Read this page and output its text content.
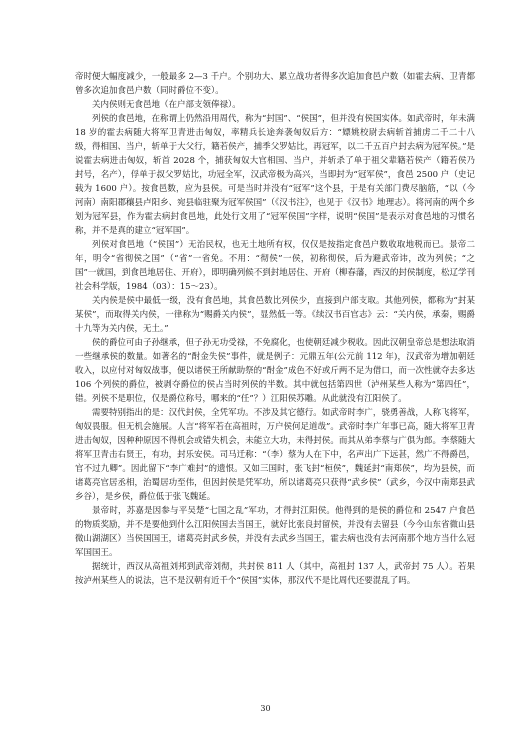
帝时便大幅度减少，一般最多 2—3 千户。个别功大、累立战功者得多次追加食邑户数（如霍去病、卫青都曾多次追加食邑户数（同时爵位不变）。

关内侯则无食邑地（在户部支领俸禄）。

列侯的食邑地，在称谓上仍然沿用周代，称为“封国”、“侯国”，但并没有侯国实体。如武帝时，年未满 18 岁的霍去病随大将军卫青进击匈奴，率精兵长途奔袭匈奴后方：“嫖姚校尉去病斩首捕虏二千二十八级，得相国、当户，斩单于大父行，籍若侯产，捕季父罗姑比，再冠军，以二千五百户封去病为冠军侯。”是说霍去病进击匈奴，斩首 2028 个，捕获匈奴大官相国、当户，并斩杀了单于祖父辈籍若侯产（籍若侯乃封号，名产），俘单于叔父罗姑比，功冠全军，汉武帝极为高兴，当即封为“冠军侯”，食邑 2500 户（史记载为 1600 户）。按食邑数，应为县侯。可是当时并没有“冠军”这个县，于是有关部门费尽脑筋，“以（今河南）南阳郡穰县卢阳乡、宛县临驻聚为冠军侯国”（《汉书注》，也见于《汉书》地理志）。将河南的两个乡划为冠军县，作为霍去病封食邑地，此处行文用了“冠军侯国”字样，说明“侯国”是表示对食邑地的习惯名称，并不是真的建立“冠军国”。

列侯对食邑地（“侯国”）无治民权，也无土地所有权，仅仅是按指定食邑户数收取地税而已。景帝二年，明令“省彻侯之国”（“省”一省免。不用：“彻侯”一侯，初称彻侯，后为避武帝讳，改为列侯；“之国”一就国，到食邑地居住、开府），即明确列候不到封地居住、开府（柳春藩，西汉的封侯制度，松辽学刊社会科学版，1984（03）：15～23）。

关内侯是侯中最低一级，没有食邑地，其食邑数比列侯少，直接到户部支取。其他列侯，都称为“封某某侯”，而取得关内侯，一律称为“赐爵关内侯”，显然低一等。《续汉书百官志》云：“关内侯，承秦，赐爵十九等为关内侯，无土。”

侯的爵位可由子孙继承，但子孙无功受禄，不免腐化，也使朝廷减少税收。因此汉朝皇帝总是想法取消一些继承侯的数量。如著名的“酎金失侯”事件，就是例子：元鼎五年(公元前 112 年)，汉武帝为增加朝廷收入，以应付对匈奴战事，便以诸侯王所献助祭的“酎金”成色不好或斤两不足为借口，而一次性就夺去多达 106 个列侯的爵位，被剥夺爵位的侯占当时列侯的半数。其中就包括第四世（泸州某些人称为“第四任”，错。列侯不是职位，仅是爵位称号，哪来的“任”？）江阳侯苏雕。从此就没有江阳侯了。

需要特别指出的是：汉代封侯，全凭军功。不涉及其它德行。如武帝时李广，骁勇善战，人称飞将军，匈奴畏服。但无机会施展。人言“将军若在高祖时，万户侯何足道哉”。武帝时李广年事已高，随大将军卫青进击匈奴，因种种原因不得机会或错失机会，未能立大功，未得封侯。而其从弟李蔡与广俱为郎。李蔡随大将军卫青击右贤王，有功，封乐安侯。司马迁称：“（李）蔡为人在下中，名声出广下远甚，然广不得爵邑，官不过九卿”。因此留下“李广难封”的遗恨。又如三国时，张飞封“桓侯”，魏延封“南郑侯”，均为县侯，而诸葛亮官居丞相，治蜀居功至伟，但因封侯是凭军功，所以诸葛亮只获得“武乡侯”（武乡，今汉中南郑县武乡谷），是乡侯，爵位低于张飞魏延。

景帝时，苏嘉是因参与平吴楚“七国之乱”军功，才得封江阳侯。他得到的是侯的爵位和 2547 户食邑的物质奖励，并不是要他到什么江阳侯国去当国王，就好比张良封留侯，并没有去留县（今今山东省微山县微山湖湖区）当侯国国王，诸葛亮封武乡侯，并没有去武乡当国王，霍去病也没有去河南那个地方当什么冠军国国王。

据统计，西汉从高祖刘邦到武帝刘彻，共封侯 811 人（其中，高祖封 137 人，武帝封 75 人）。若果按泸州某些人的说法，岂不是汉朝有近千个“侯国”实体，那汉代不是比周代还要混乱了吗。

30
